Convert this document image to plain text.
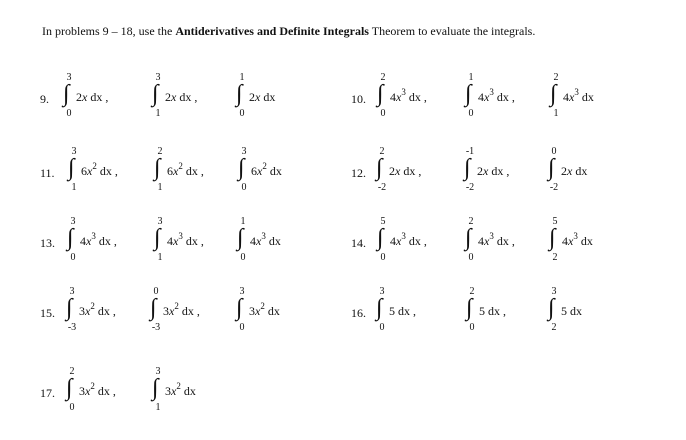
In problems 9 – 18, use the Antiderivatives and Definite Integrals Theorem to evaluate the integrals.
9.
3
∫
0
2x dx ,
3
∫
1
2x dx ,
1
∫
0
2x dx	10.
2
∫
0
$4x^3$ dx ,
1
∫
0
$4x^3$ dx ,
2
∫
1
$4x^3$ dx
11.
3
∫
1
$6x^2$ dx ,
2
∫
1
$6x^2$ dx ,
3
∫
0
$6x^2$ dx	12.
2
∫
-2
2x dx ,
-1
∫
-2
2x dx ,
0
∫
-2
2x dx
13.
3
∫
0
$4x^3$ dx ,
3
∫
1
$4x^3$ dx ,
1
∫
0
$4x^3$ dx	14.
5
∫
0
$4x^3$ dx ,
2
∫
0
$4x^3$ dx ,
5
∫
2
$4x^3$ dx
15.
3
∫
-3
$3x^2$ dx ,
0
∫
-3
$3x^2$ dx ,
3
∫
0
$3x^2$ dx	16.
3
∫
0
5 dx ,
2
∫
0
5 dx ,
3
∫
2
5 dx
17.
2
∫
0
$3x^2$ dx ,
3
∫
1
$3x^2$ dx
